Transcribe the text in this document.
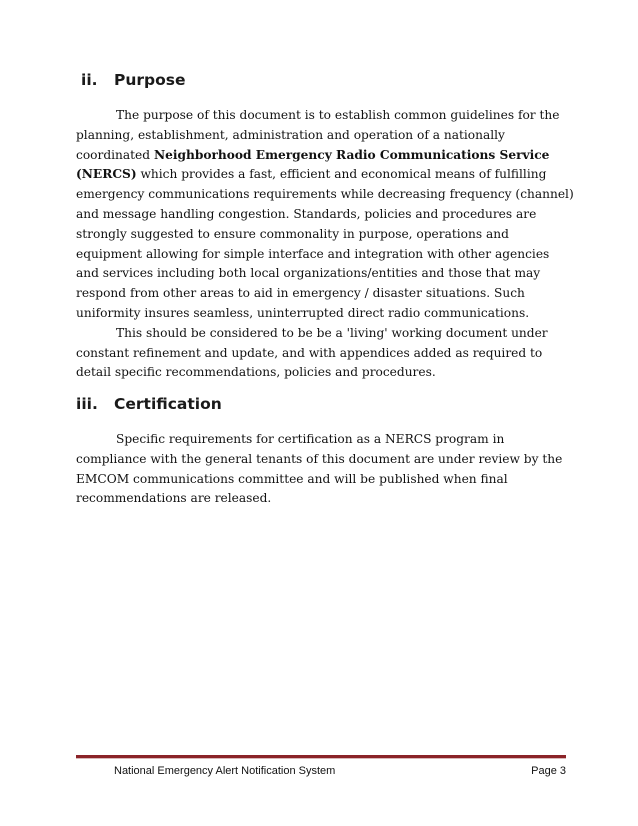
ii. Purpose

The purpose of this document is to establish common guidelines for the planning, establishment, administration and operation of a nationally coordinated Neighborhood Emergency Radio Communications Service (NERCS) which provides a fast, efficient and economical means of fulfilling emergency communications requirements while decreasing frequency (channel) and message handling congestion. Standards, policies and procedures are strongly suggested to ensure commonality in purpose, operations and equipment allowing for simple interface and integration with other agencies and services including both local organizations/entities and those that may respond from other areas to aid in emergency / disaster situations. Such uniformity insures seamless, uninterrupted direct radio communications.

This should be considered to be be a 'living' working document under constant refinement and update, and with appendices added as required to detail specific recommendations, policies and procedures.

iii. Certification

Specific requirements for certification as a NERCS program in compliance with the general tenants of this document are under review by the EMCOM communications committee and will be published when final recommendations are released.

National Emergency Alert Notification System	Page 3
